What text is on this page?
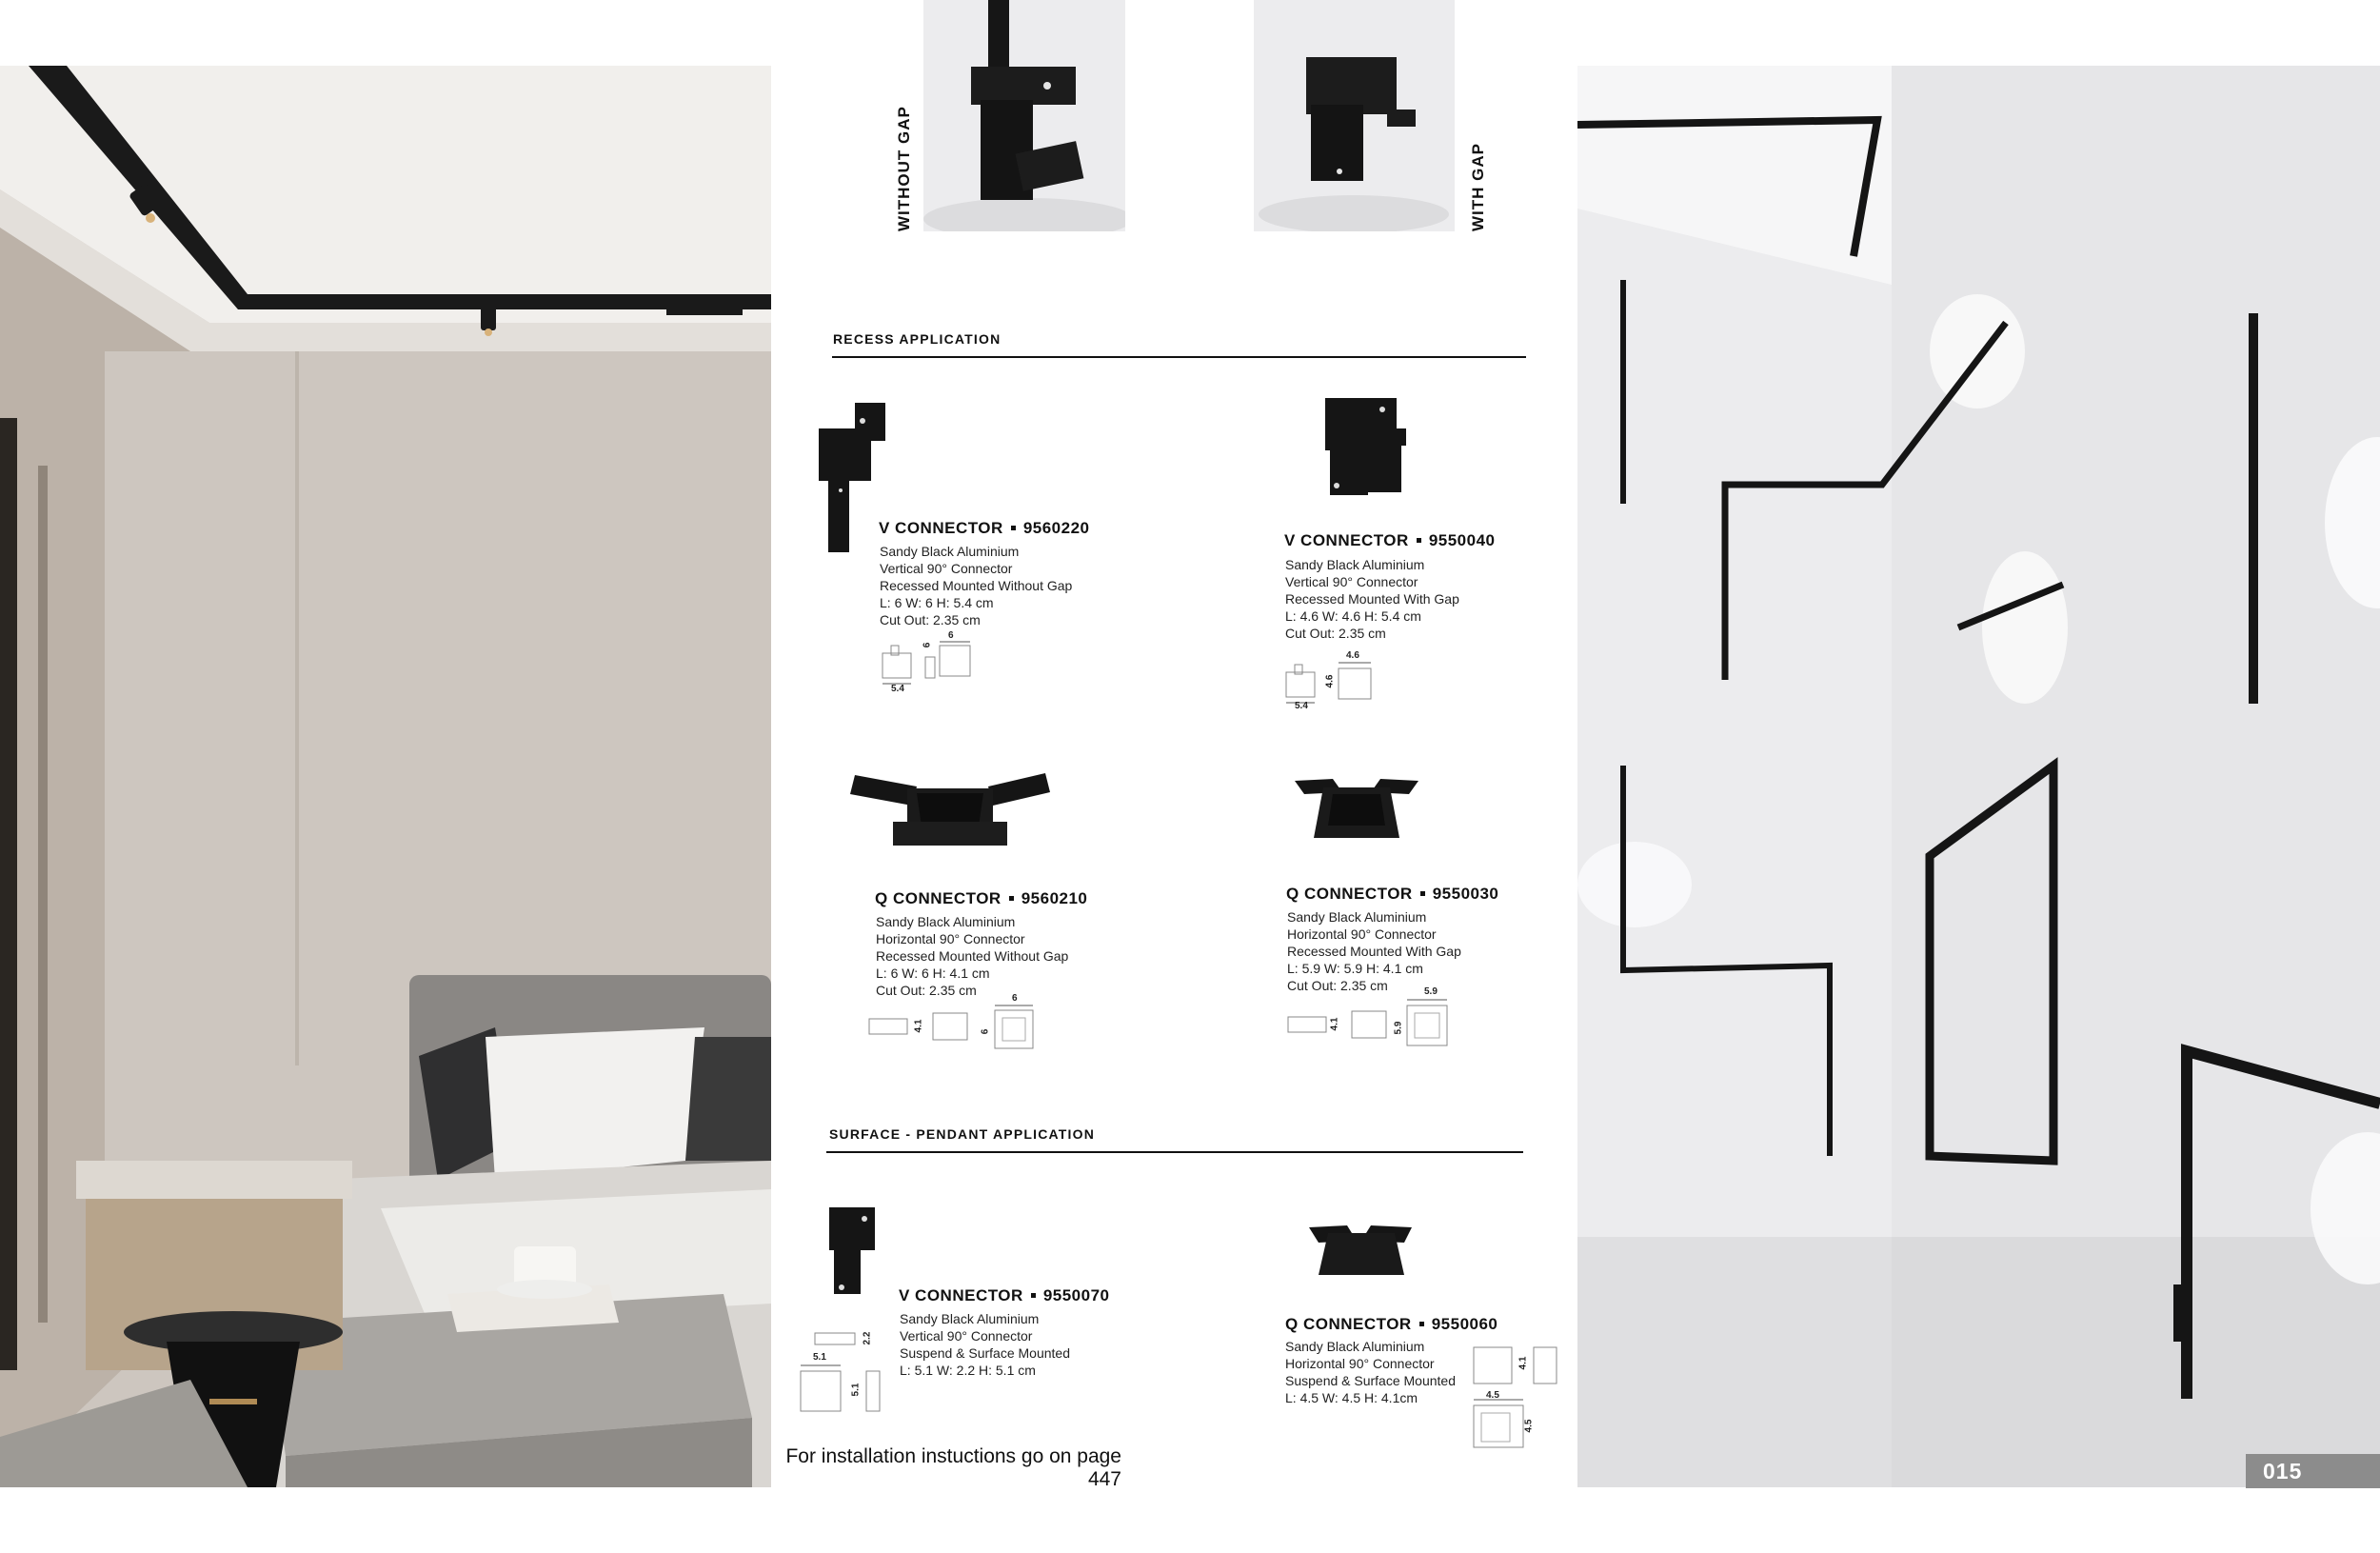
WITHOUT GAP	WITH GAP
RECESS APPLICATION
V CONNECTOR 9560220
Sandy Black Aluminium
Vertical 90° Connector
Recessed Mounted Without Gap
L: 6 W: 6 H: 5.4 cm
Cut Out: 2.35 cm
6
6
5.4
V CONNECTOR 9550040
Sandy Black Aluminium
Vertical 90° Connector
Recessed Mounted With Gap
L: 4.6 W: 4.6 H: 5.4 cm
Cut Out: 2.35 cm
4.6
4.6
5.4
Q CONNECTOR 9560210
Sandy Black Aluminium
Horizontal 90° Connector
Recessed Mounted Without Gap
L: 6 W: 6 H: 4.1 cm
Cut Out: 2.35 cm
6
6
4.1
Q CONNECTOR 9550030
Sandy Black Aluminium
Horizontal 90° Connector
Recessed Mounted With Gap
L: 5.9 W: 5.9 H: 4.1 cm
Cut Out: 2.35 cm	5.9
5.9
4.1
SURFACE - PENDANT APPLICATION
V CONNECTOR 9550070
Sandy Black Aluminium
Vertical 90° Connector
Suspend & Surface Mounted
L: 5.1 W: 2.2 H: 5.1 cm
2.2
5.1
5.1
Q CONNECTOR 9550060
Sandy Black Aluminium
Horizontal 90° Connector
Suspend & Surface Mounted
L: 4.5 W: 4.5 H: 4.1cm
4.1
4.5
4.5
For installation instuctions go on page 447	015
